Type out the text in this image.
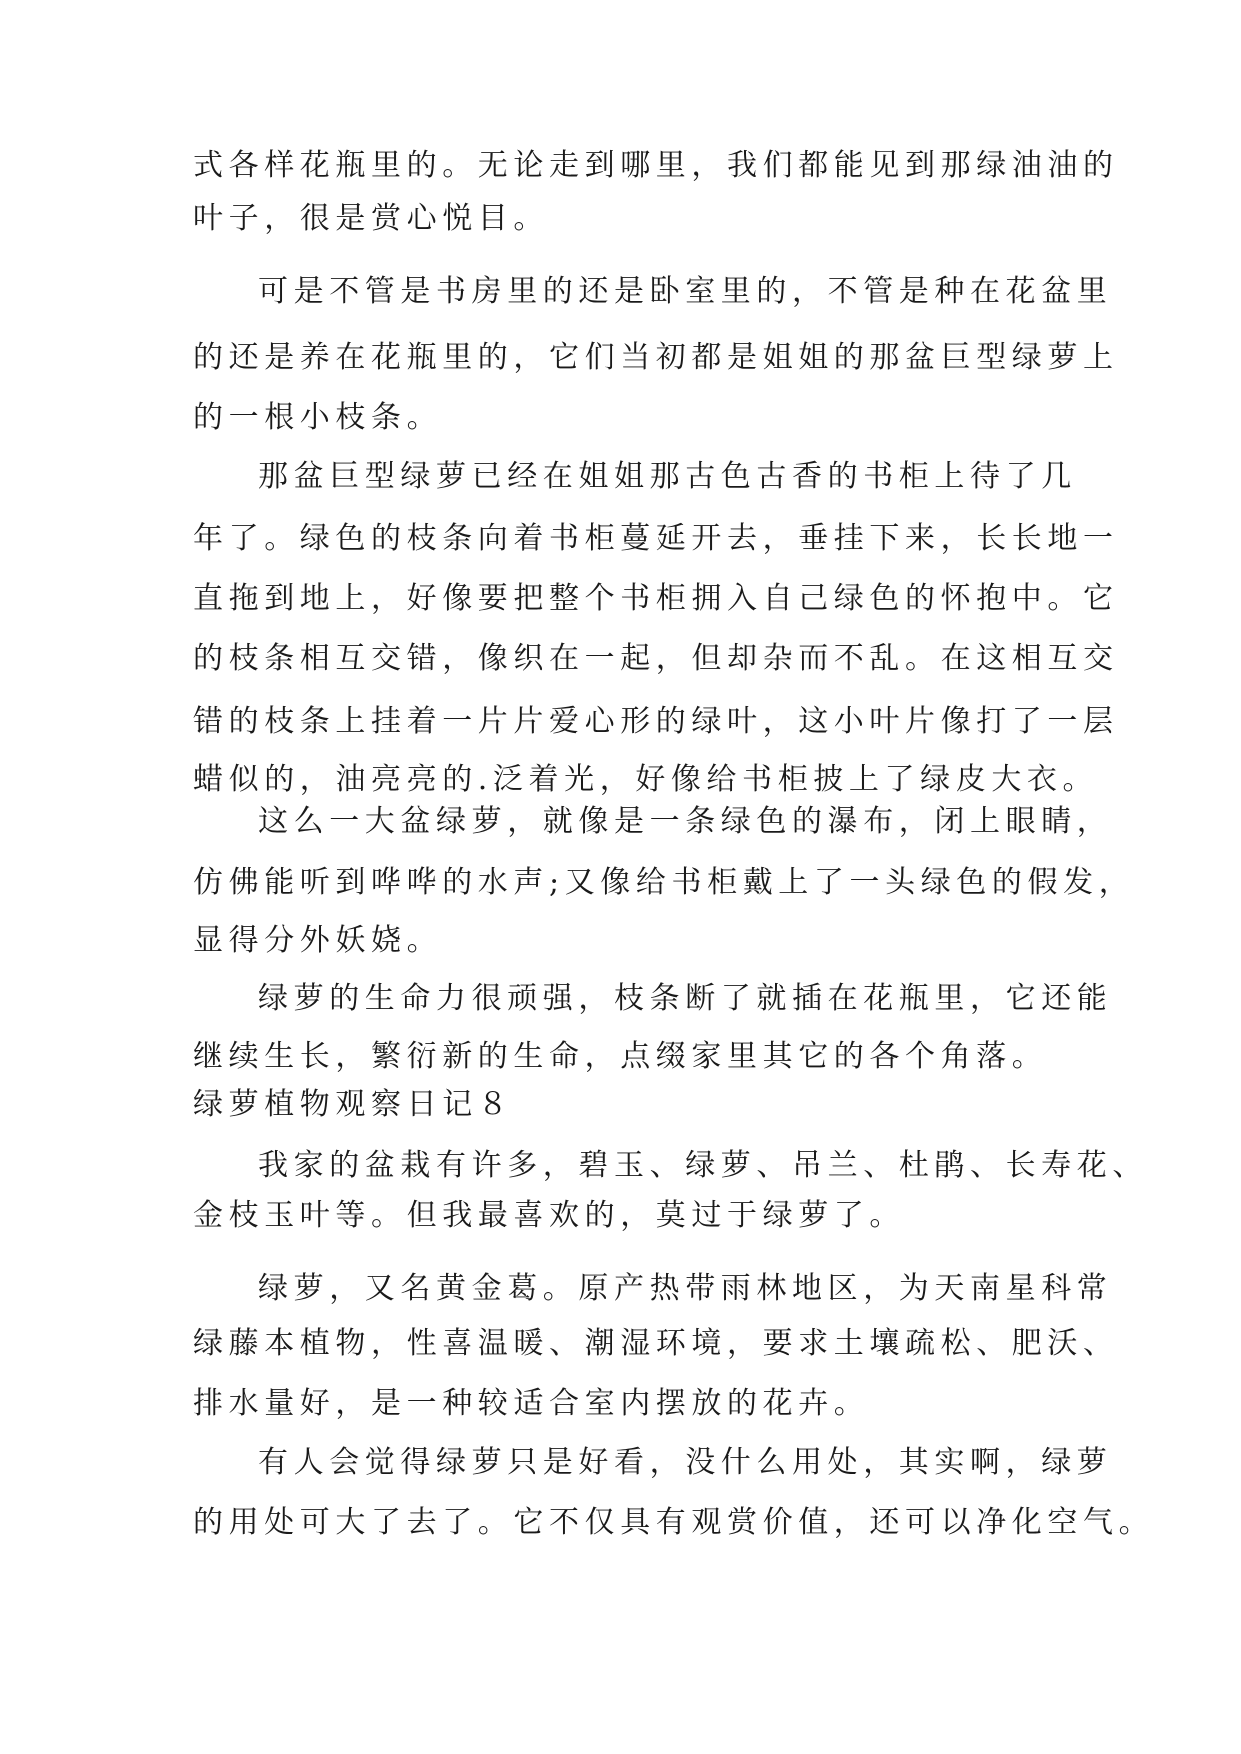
式各样花瓶里的。无论走到哪里，我们都能见到那绿油油的
叶子，很是赏心悦目。
可是不管是书房里的还是卧室里的，不管是种在花盆里
的还是养在花瓶里的，它们当初都是姐姐的那盆巨型绿萝上
的一根小枝条。
那盆巨型绿萝已经在姐姐那古色古香的书柜上待了几
年了。绿色的枝条向着书柜蔓延开去，垂挂下来，长长地一
直拖到地上，好像要把整个书柜拥入自己绿色的怀抱中。它
的枝条相互交错，像织在一起，但却杂而不乱。在这相互交
错的枝条上挂着一片片爱心形的绿叶，这小叶片像打了一层
蜡似的，油亮亮的.泛着光，好像给书柜披上了绿皮大衣。
这么一大盆绿萝，就像是一条绿色的瀑布，闭上眼睛，
仿佛能听到哗哗的水声;又像给书柜戴上了一头绿色的假发，
显得分外妖娆。
绿萝的生命力很顽强，枝条断了就插在花瓶里，它还能
继续生长，繁衍新的生命，点缀家里其它的各个角落。
绿萝植物观察日记８
我家的盆栽有许多，碧玉、绿萝、吊兰、杜鹃、长寿花、
金枝玉叶等。但我最喜欢的，莫过于绿萝了。
绿萝，又名黄金葛。原产热带雨林地区，为天南星科常
绿藤本植物，性喜温暖、潮湿环境，要求土壤疏松、肥沃、
排水量好，是一种较适合室内摆放的花卉。
有人会觉得绿萝只是好看，没什么用处，其实啊，绿萝
的用处可大了去了。它不仅具有观赏价值，还可以净化空气。
